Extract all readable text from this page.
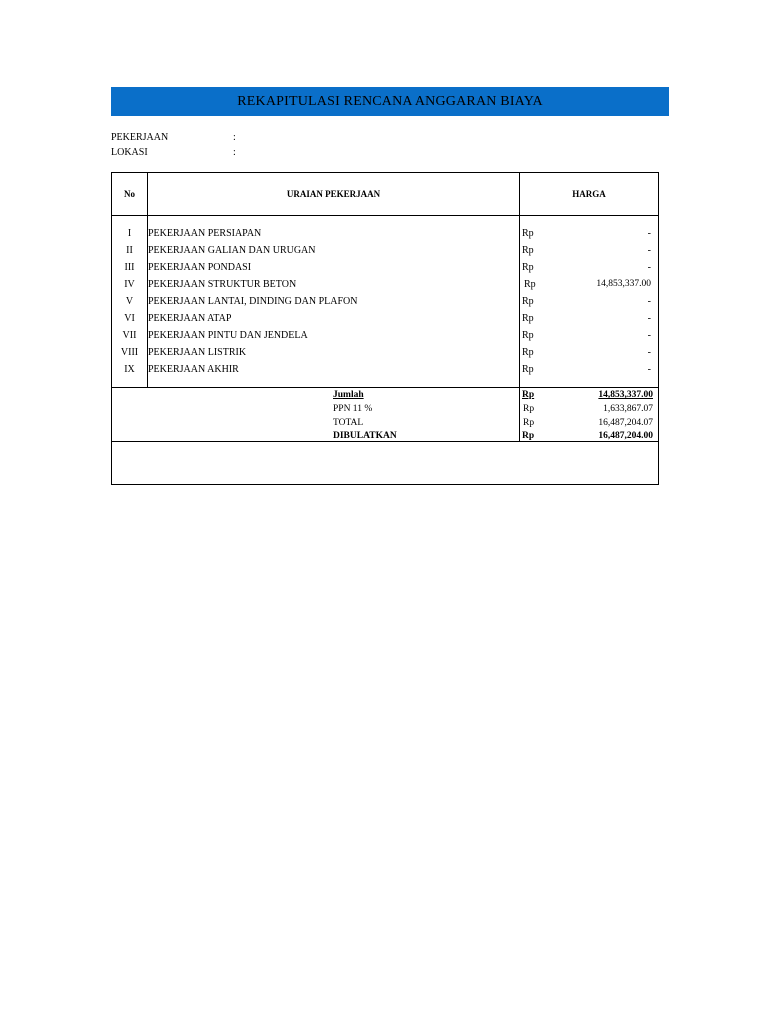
REKAPITULASI RENCANA ANGGARAN BIAYA
PEKERJAAN	:
LOKASI	:
No	URAIAN PEKERJAAN	HARGA
I	PEKERJAAN PERSIAPAN	Rp	-
II	PEKERJAAN GALIAN DAN URUGAN	Rp	-
III	PEKERJAAN PONDASI	Rp	-
IV	PEKERJAAN STRUKTUR BETON	Rp	14,853,337.00
V	PEKERJAAN LANTAI, DINDING DAN PLAFON	Rp	-
VI	PEKERJAAN ATAP	Rp	-
VII	PEKERJAAN PINTU DAN JENDELA	Rp	-
VIII PEKERJAAN LISTRIK	Rp	-
IX	PEKERJAAN AKHIR	Rp	-
Jumlah	Rp	14,853,337.00
PPN 11 %	Rp	1,633,867.07
TOTAL	Rp	16,487,204.07
DIBULATKAN	Rp	16,487,204.00
